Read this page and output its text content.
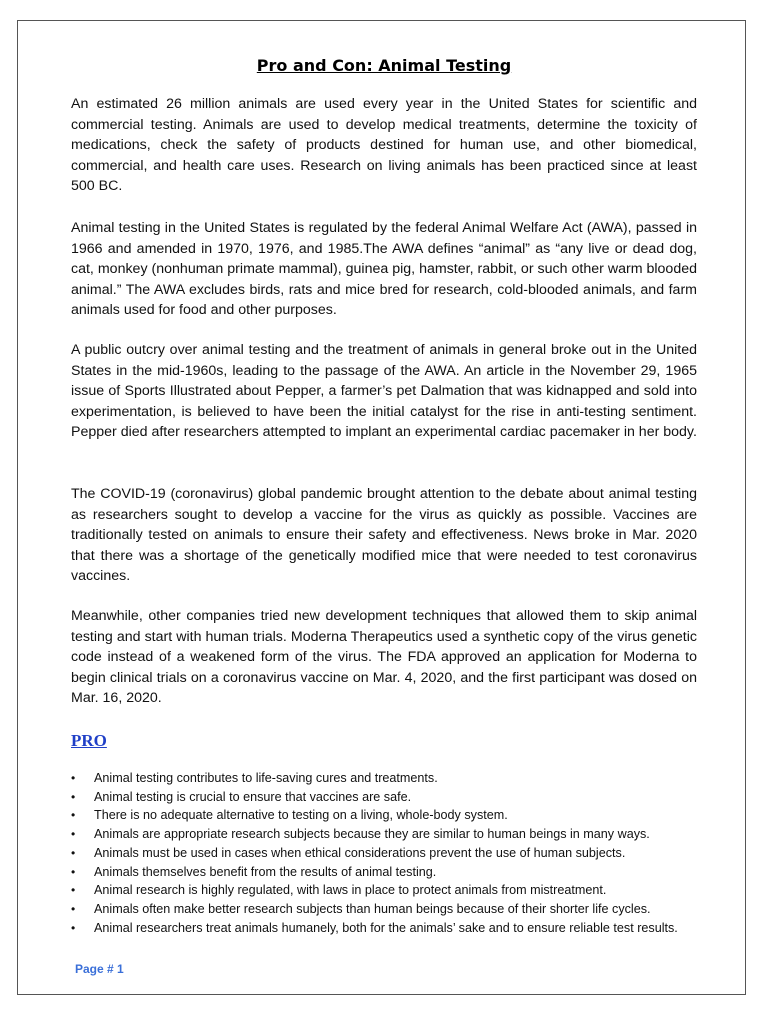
Pro and Con: Animal Testing

An estimated 26 million animals are used every year in the United States for scientific and commercial testing. Animals are used to develop medical treatments, determine the toxicity of medications, check the safety of products destined for human use, and other biomedical, commercial, and health care uses. Research on living animals has been practiced since at least 500 BC.

Animal testing in the United States is regulated by the federal Animal Welfare Act (AWA), passed in 1966 and amended in 1970, 1976, and 1985.The AWA defines “animal” as “any live or dead dog, cat, monkey (nonhuman primate mammal), guinea pig, hamster, rabbit, or such other warm blooded animal.” The AWA excludes birds, rats and mice bred for research, cold-blooded animals, and farm animals used for food and other purposes.

A public outcry over animal testing and the treatment of animals in general broke out in the United States in the mid-1960s, leading to the passage of the AWA. An article in the November 29, 1965 issue of Sports Illustrated about Pepper, a farmer’s pet Dalmation that was kidnapped and sold into experimentation, is believed to have been the initial catalyst for the rise in anti-testing sentiment. Pepper died after researchers attempted to implant an experimental cardiac pacemaker in her body.

The COVID-19 (coronavirus) global pandemic brought attention to the debate about animal testing as researchers sought to develop a vaccine for the virus as quickly as possible. Vaccines are traditionally tested on animals to ensure their safety and effectiveness. News broke in Mar. 2020 that there was a shortage of the genetically modified mice that were needed to test coronavirus vaccines.

Meanwhile, other companies tried new development techniques that allowed them to skip animal testing and start with human trials. Moderna Therapeutics used a synthetic copy of the virus genetic code instead of a weakened form of the virus. The FDA approved an application for Moderna to begin clinical trials on a coronavirus vaccine on Mar. 4, 2020, and the first participant was dosed on Mar. 16, 2020.

PRO
• Animal testing contributes to life-saving cures and treatments.
• Animal testing is crucial to ensure that vaccines are safe.
• There is no adequate alternative to testing on a living, whole-body system.
• Animals are appropriate research subjects because they are similar to human beings in many ways.
• Animals must be used in cases when ethical considerations prevent the use of human subjects.
• Animals themselves benefit from the results of animal testing.
• Animal research is highly regulated, with laws in place to protect animals from mistreatment.
• Animals often make better research subjects than human beings because of their shorter life cycles.
• Animal researchers treat animals humanely, both for the animals’ sake and to ensure reliable test results.
Page # 1
